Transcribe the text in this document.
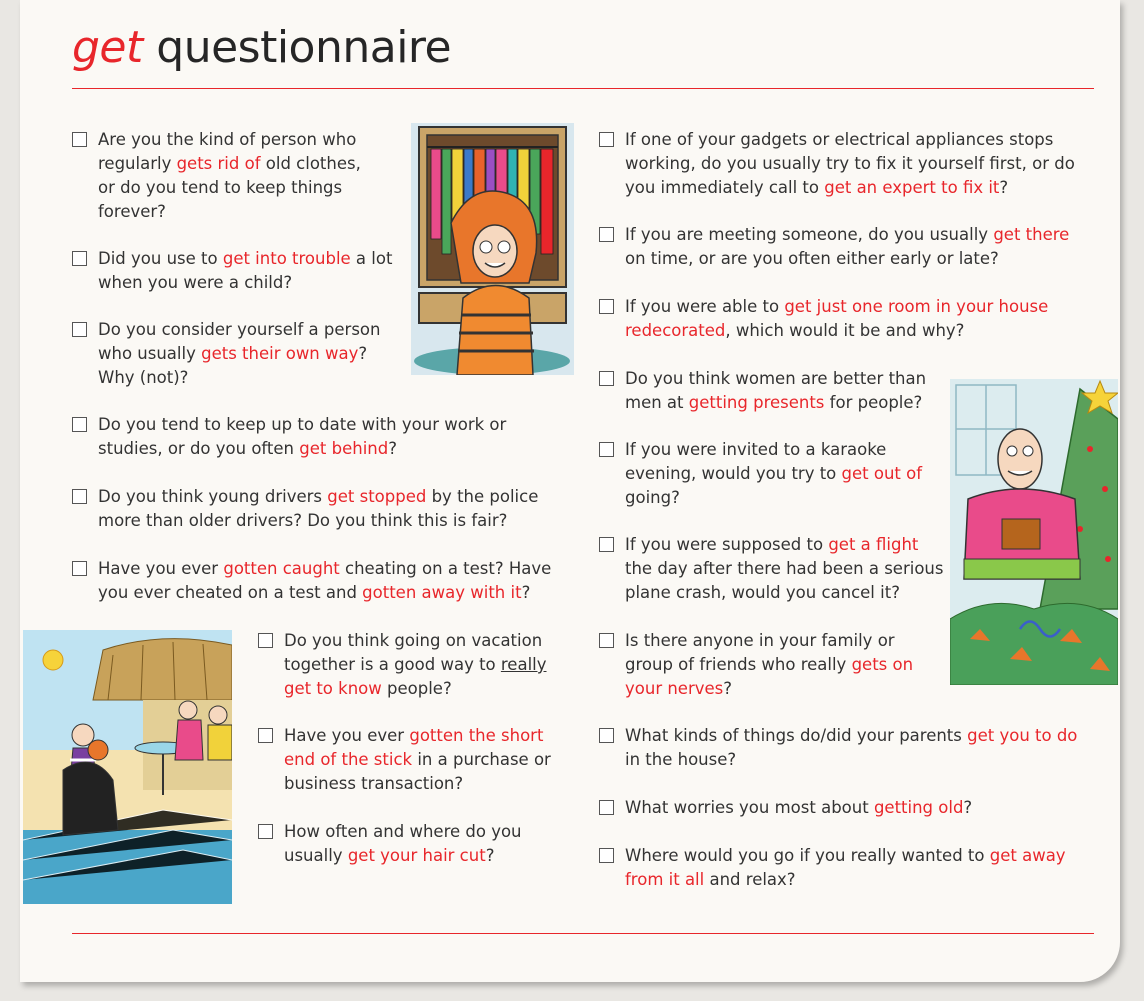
get questionnaire
Are you the kind of person who regularly gets rid of old clothes, or do you tend to keep things forever?
Did you use to get into trouble a lot when you were a child?
Do you consider yourself a person who usually gets their own way? Why (not)?
Do you tend to keep up to date with your work or studies, or do you often get behind?
Do you think young drivers get stopped by the police more than older drivers? Do you think this is fair?
Have you ever gotten caught cheating on a test? Have you ever cheated on a test and gotten away with it?
Do you think going on vacation together is a good way to really get to know people?
Have you ever gotten the short end of the stick in a purchase or business transaction?
How often and where do you usually get your hair cut?
If one of your gadgets or electrical appliances stops working, do you usually try to fix it yourself first, or do you immediately call to get an expert to fix it?
If you are meeting someone, do you usually get there on time, or are you often either early or late?
If you were able to get just one room in your house redecorated, which would it be and why?
Do you think women are better than men at getting presents for people?
If you were invited to a karaoke evening, would you try to get out of going?
If you were supposed to get a flight the day after there had been a serious plane crash, would you cancel it?
Is there anyone in your family or group of friends who really gets on your nerves?
What kinds of things do/did your parents get you to do in the house?
What worries you most about getting old?
Where would you go if you really wanted to get away from it all and relax?
